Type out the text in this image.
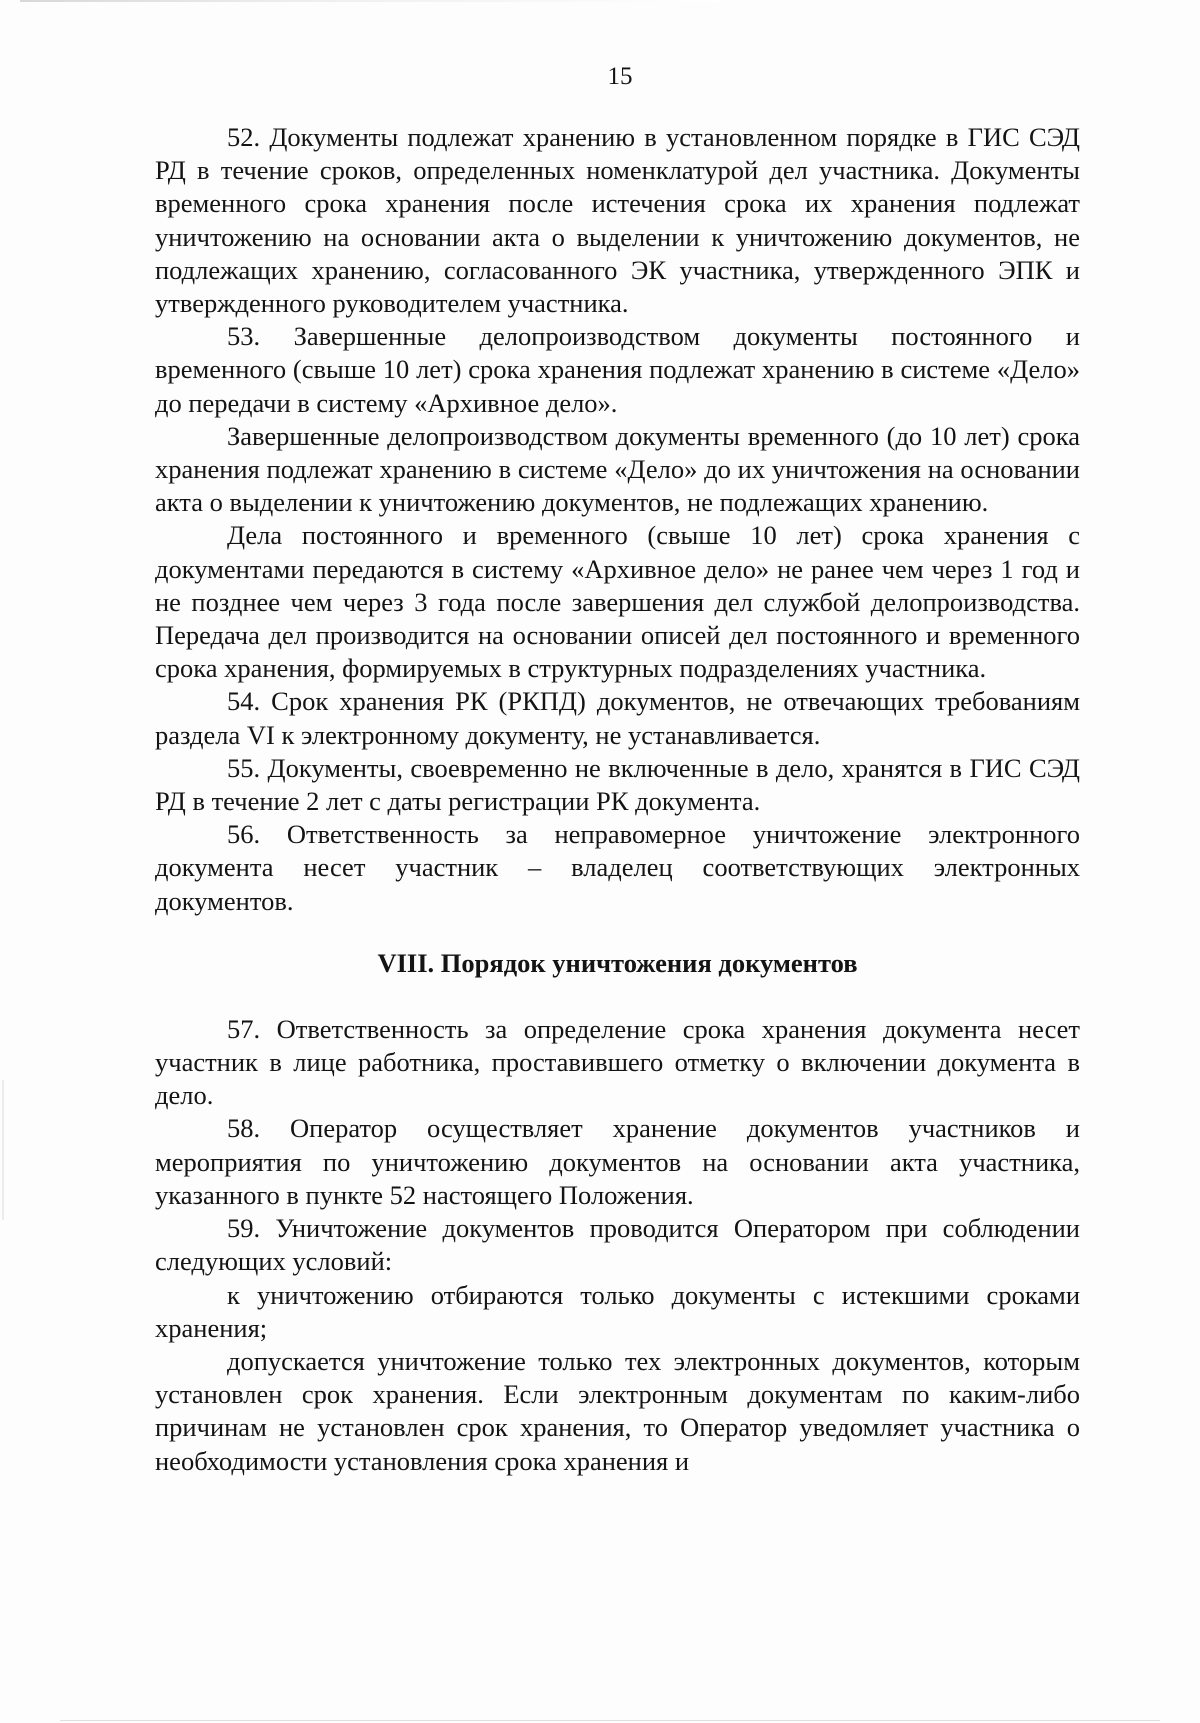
15

52. Документы подлежат хранению в установленном порядке в ГИС СЭД РД в течение сроков, определенных номенклатурой дел участника. Документы временного срока хранения после истечения срока их хранения подлежат уничтожению на основании акта о выделении к уничтожению документов, не подлежащих хранению, согласованного ЭК участника, утвержденного ЭПК и утвержденного руководителем участника.

53. Завершенные делопроизводством документы постоянного и временного (свыше 10 лет) срока хранения подлежат хранению в системе «Дело» до передачи в систему «Архивное дело».

Завершенные делопроизводством документы временного (до 10 лет) срока хранения подлежат хранению в системе «Дело» до их уничтожения на основании акта о выделении к уничтожению документов, не подлежащих хранению.

Дела постоянного и временного (свыше 10 лет) срока хранения с документами передаются в систему «Архивное дело» не ранее чем через 1 год и не позднее чем через 3 года после завершения дел службой делопроизводства. Передача дел производится на основании описей дел постоянного и временного срока хранения, формируемых в структурных подразделениях участника.

54. Срок хранения РК (РКПД) документов, не отвечающих требованиям раздела VI к электронному документу, не устанавливается.

55. Документы, своевременно не включенные в дело, хранятся в ГИС СЭД РД в течение 2 лет с даты регистрации РК документа.

56. Ответственность за неправомерное уничтожение электронного документа несет участник – владелец соответствующих электронных документов.

VIII. Порядок уничтожения документов

57. Ответственность за определение срока хранения документа несет участник в лице работника, проставившего отметку о включении документа в дело.

58. Оператор осуществляет хранение документов участников и мероприятия по уничтожению документов на основании акта участника, указанного в пункте 52 настоящего Положения.

59. Уничтожение документов проводится Оператором при соблюдении следующих условий:

к уничтожению отбираются только документы с истекшими сроками хранения;

допускается уничтожение только тех электронных документов, которым установлен срок хранения. Если электронным документам по каким-либо причинам не установлен срок хранения, то Оператор уведомляет участника о необходимости установления срока хранения и
